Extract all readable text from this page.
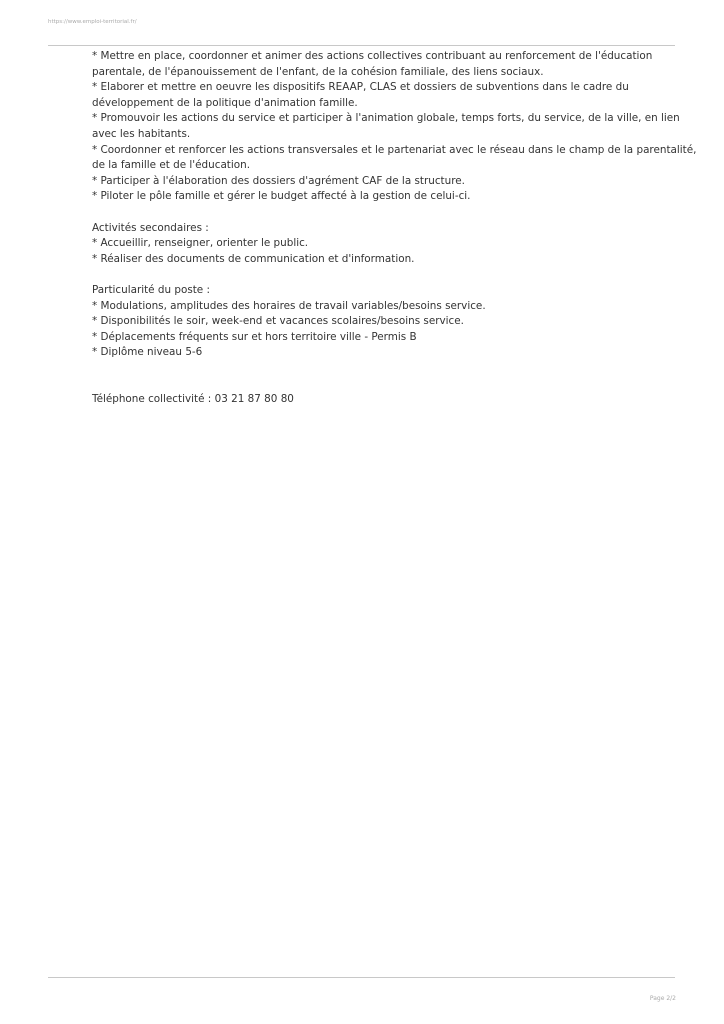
https://www.emploi-territorial.fr/

* Mettre en place, coordonner et animer des actions collectives contribuant au renforcement de l'éducation parentale, de l'épanouissement de l'enfant, de la cohésion familiale, des liens sociaux.

* Elaborer et mettre en oeuvre les dispositifs REAAP, CLAS et dossiers de subventions dans le cadre du développement de la politique d'animation famille.

* Promouvoir les actions du service et participer à l'animation globale, temps forts, du service, de la ville, en lien avec les habitants.

* Coordonner et renforcer les actions transversales et le partenariat avec le réseau dans le champ de la parentalité, de la famille et de l'éducation.

* Participer à l'élaboration des dossiers d'agrément CAF de la structure.

* Piloter le pôle famille et gérer le budget affecté à la gestion de celui-ci.

Activités secondaires :

* Accueillir, renseigner, orienter le public.

* Réaliser des documents de communication et d'information.

Particularité du poste :

* Modulations, amplitudes des horaires de travail variables/besoins service.

* Disponibilités le soir, week-end et vacances scolaires/besoins service.

* Déplacements fréquents sur et hors territoire ville - Permis B

* Diplôme niveau 5-6

Téléphone collectivité : 03 21 87 80 80

Page 2/2
